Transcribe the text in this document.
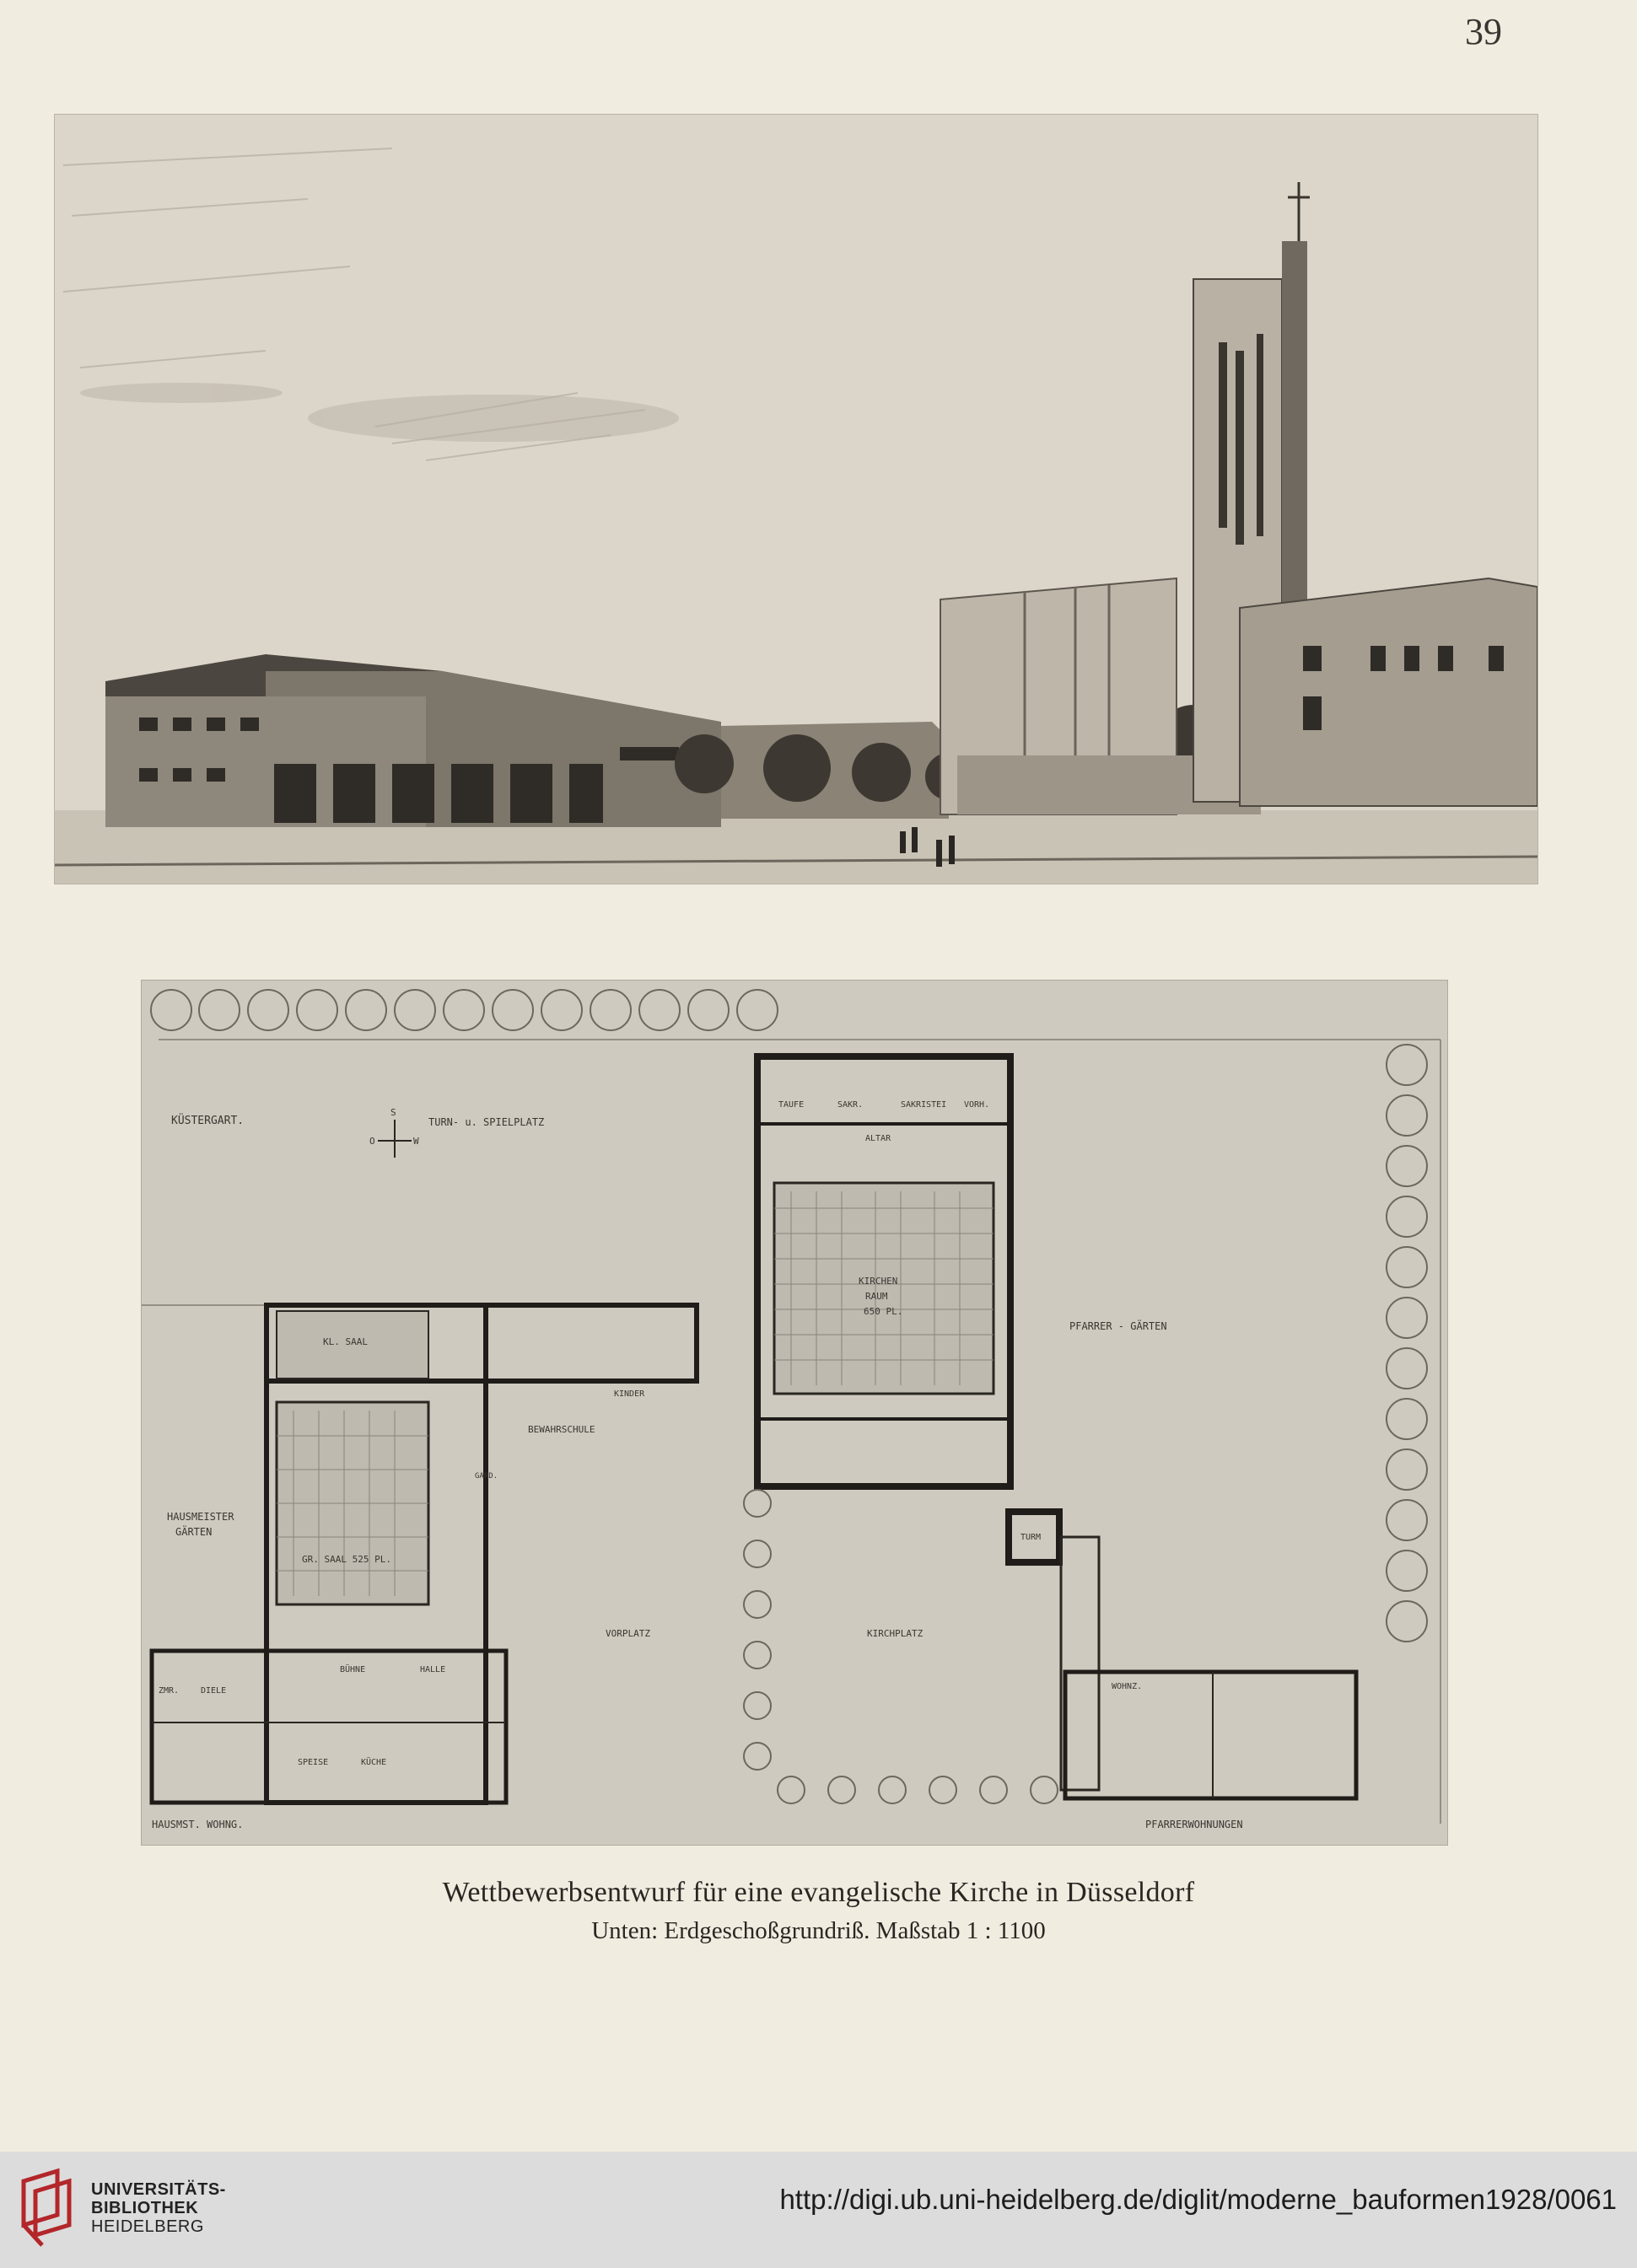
39
KÜSTERGART.	TURN- u. SPIELPLATZ
S
O	W
HAUSMEISTER
GÄRTEN
GR. SAAL 525 PL.
KL. SAAL
BEWAHRSCHULE
KINDER
VORPLATZ	KIRCHPLATZ
KIRCHEN
RAUM
650 PL.
TAUFE	SAKR.	SAKRISTEI VORH.
ALTAR
PFARRER - GÄRTEN
TURM
HAUSMST. WOHNG.	PFARRERWOHNUNGEN
BÜHNE	HALLE
GARD.
ZMR.
SPEISE	KÜCHE
DIELE	WOHNZ.
Wettbewerbsentwurf für eine evangelische Kirche in Düsseldorf
Unten: Erdgeschoßgrundriß. Maßstab 1 : 1100
UNIVERSITÄTS-
BIBLIOTHEK
HEIDELBERG
http://digi.ub.uni-heidelberg.de/diglit/moderne_bauformen1928/0061
